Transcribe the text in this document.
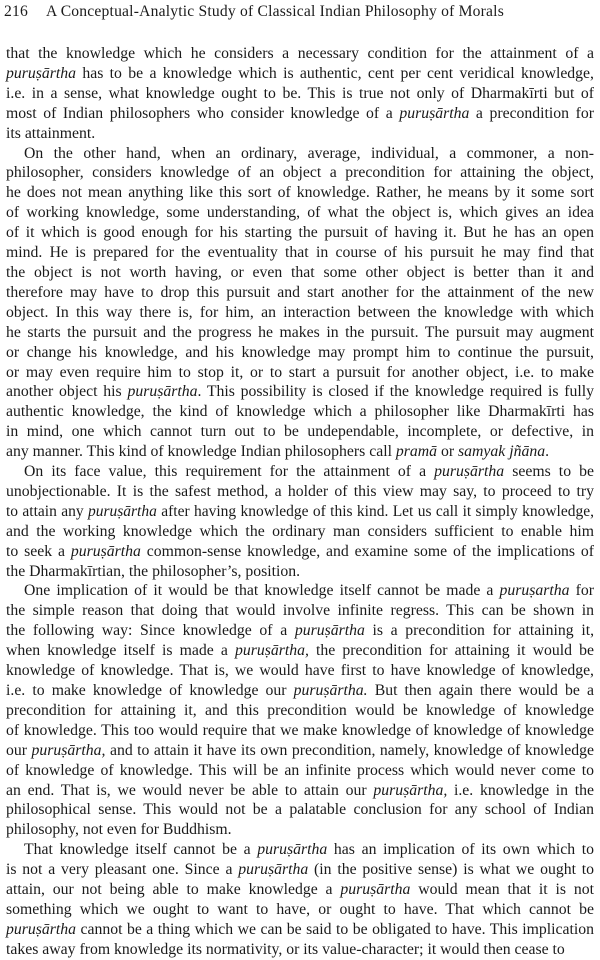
216 A Conceptual-Analytic Study of Classical Indian Philosophy of Morals

that the knowledge which he considers a necessary condition for the attainment of a
puruṣārtha has to be a knowledge which is authentic, cent per cent veridical knowledge,
i.e. in a sense, what knowledge ought to be. This is true not only of Dharmakīrti but of
most of Indian philosophers who consider knowledge of a puruṣārtha a precondition for
its attainment.

On the other hand, when an ordinary, average, individual, a commoner, a non-
philosopher, considers knowledge of an object a precondition for attaining the object,
he does not mean anything like this sort of knowledge. Rather, he means by it some sort
of working knowledge, some understanding, of what the object is, which gives an idea
of it which is good enough for his starting the pursuit of having it. But he has an open
mind. He is prepared for the eventuality that in course of his pursuit he may find that
the object is not worth having, or even that some other object is better than it and
therefore may have to drop this pursuit and start another for the attainment of the new
object. In this way there is, for him, an interaction between the knowledge with which
he starts the pursuit and the progress he makes in the pursuit. The pursuit may augment
or change his knowledge, and his knowledge may prompt him to continue the pursuit,
or may even require him to stop it, or to start a pursuit for another object, i.e. to make
another object his puruṣārtha. This possibility is closed if the knowledge required is fully
authentic knowledge, the kind of knowledge which a philosopher like Dharmakīrti has
in mind, one which cannot turn out to be undependable, incomplete, or defective, in
any manner. This kind of knowledge Indian philosophers call pramā or samyak jñāna.

On its face value, this requirement for the attainment of a puruṣārtha seems to be
unobjectionable. It is the safest method, a holder of this view may say, to proceed to try
to attain any puruṣārtha after having knowledge of this kind. Let us call it simply knowledge,
and the working knowledge which the ordinary man considers sufficient to enable him
to seek a puruṣārtha common-sense knowledge, and examine some of the implications of
the Dharmakīrtian, the philosopher’s, position.

One implication of it would be that knowledge itself cannot be made a puruṣartha for
the simple reason that doing that would involve infinite regress. This can be shown in
the following way: Since knowledge of a puruṣārtha is a precondition for attaining it,
when knowledge itself is made a puruṣārtha, the precondition for attaining it would be
knowledge of knowledge. That is, we would have first to have knowledge of knowledge,
i.e. to make knowledge of knowledge our puruṣārtha. But then again there would be a
precondition for attaining it, and this precondition would be knowledge of knowledge
of knowledge. This too would require that we make knowledge of knowledge of knowledge
our puruṣārtha, and to attain it have its own precondition, namely, knowledge of knowledge
of knowledge of knowledge. This will be an infinite process which would never come to
an end. That is, we would never be able to attain our puruṣārtha, i.e. knowledge in the
philosophical sense. This would not be a palatable conclusion for any school of Indian
philosophy, not even for Buddhism.

That knowledge itself cannot be a puruṣārtha has an implication of its own which to
is not a very pleasant one. Since a puruṣārtha (in the positive sense) is what we ought to
attain, our not being able to make knowledge a puruṣārtha would mean that it is not
something which we ought to want to have, or ought to have. That which cannot be
puruṣārtha cannot be a thing which we can be said to be obligated to have. This implication
takes away from knowledge its normativity, or its value-character; it would then cease to
